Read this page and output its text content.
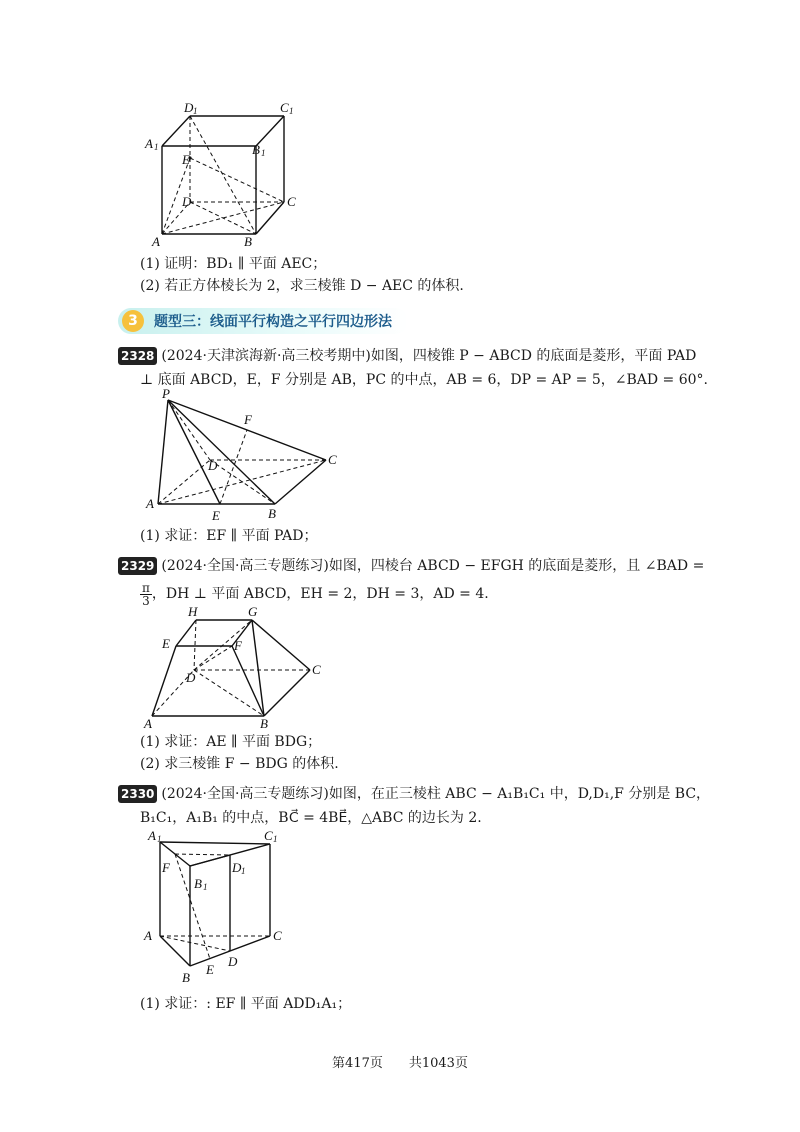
D 1	C 1
A 1	B 1
E
D	C
A	B
(1) 证明：BD₁ ∥ 平面 AEC；
(2) 若正方体棱长为 2，求三棱锥 D − AEC 的体积.
3	题型三：线面平行构造之平行四边形法
2328 (2024·天津滨海新·高三校考期中)如图，四棱锥 P − ABCD 的底面是菱形，平面 PAD
⊥ 底面 ABCD，E，F 分别是 AB，PC 的中点，AB = 6，DP = AP = 5，∠BAD = 60°.
P
F
D	C
A
E	B
(1) 求证：EF ∥ 平面 PAD；
2329 (2024·全国·高三专题练习)如图，四棱台 ABCD − EFGH 的底面是菱形，且 ∠BAD =
$\frac{\pi}{3}$ ，DH ⊥ 平面 ABCD，EH = 2，DH = 3，AD = 4.
H	G
E	F
D
C
A	B
(1) 求证：AE ∥ 平面 BDG；
(2) 求三棱锥 F − BDG 的体积.
2330 (2024·全国·高三专题练习)如图，在正三棱柱 ABC − A₁B₁C₁ 中，D,D₁,F 分别是 BC，
B₁C₁，A₁B₁ 的中点，BC⃗ = 4BE⃗，△ABC 的边长为 2.
A 1	C 1
F
B 1
D 1
A	C
B
E
D
(1) 求证：: EF ∥ 平面 ADD₁A₁；
第417页　　共1043页
